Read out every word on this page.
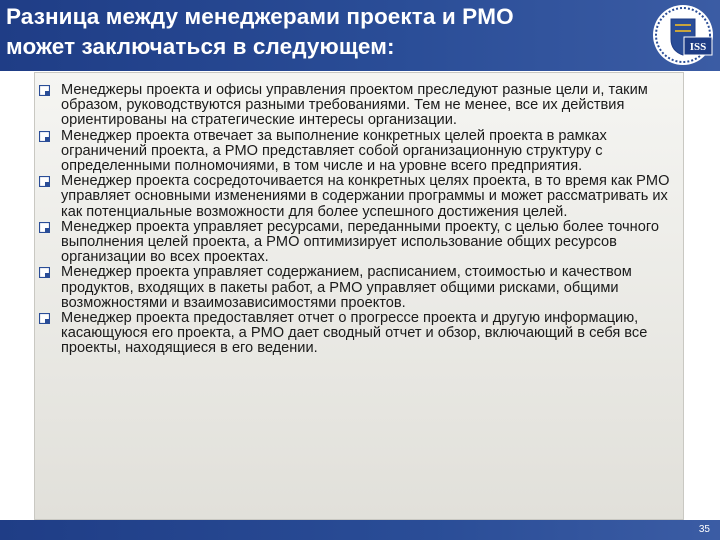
Разница между менеджерами проекта и PMO
может заключаться в следующем:	ISS
Менеджеры проекта и офисы управления проектом преследуют разные цели и, таким образом, руководствуются разными требованиями. Тем не менее, все их действия ориентированы на стратегические интересы организации.
Менеджер проекта отвечает за выполнение конкретных целей проекта в рамках ограничений проекта, а PMO представляет собой организационную структуру с определенными полномочиями, в том числе и на уровне всего предприятия.
Менеджер проекта сосредоточивается на конкретных целях проекта, в то время как PMO управляет основными изменениями в содержании программы и может рассматривать их как потенциальные возможности для более успешного достижения целей.
Менеджер проекта управляет ресурсами, переданными проекту, с целью более точного выполнения целей проекта, а PMO оптимизирует использование общих ресурсов организации во всех проектах.
Менеджер проекта управляет содержанием, расписанием, стоимостью и качеством продуктов, входящих в пакеты работ, а PMO управляет общими рисками, общими возможностями и взаимозависимостями проектов.
Менеджер проекта предоставляет отчет о прогрессе проекта и другую информацию, касающуюся его проекта, а PMO дает сводный отчет и обзор, включающий в себя все проекты, находящиеся в его ведении.
35
